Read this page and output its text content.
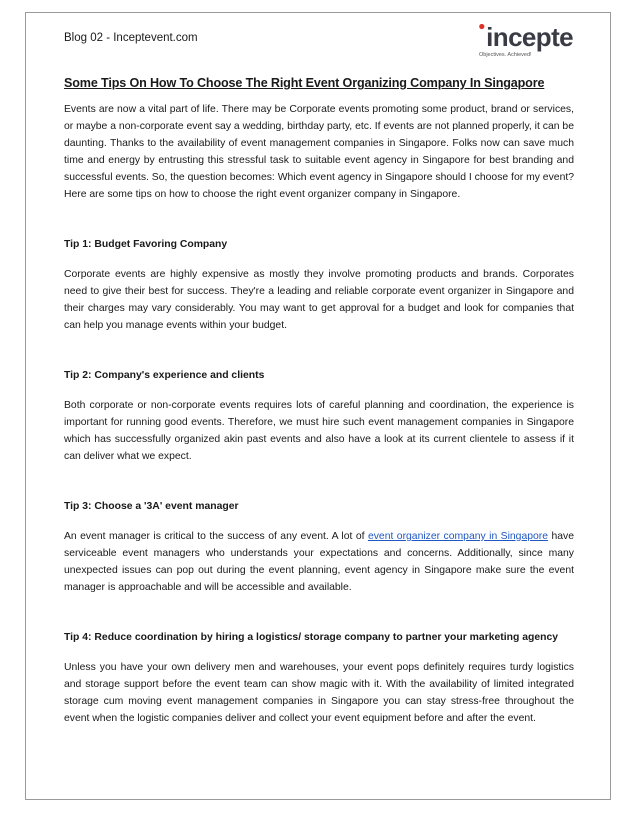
Blog 02 - Inceptevent.com	incepte
Objectives. Achieved!
Some Tips On How To Choose The Right Event Organizing Company In Singapore

Events are now a vital part of life. There may be Corporate events promoting some product, brand or services, or maybe a non-corporate event say a wedding, birthday party, etc. If events are not planned properly, it can be daunting. Thanks to the availability of event management companies in Singapore. Folks now can save much time and energy by entrusting this stressful task to suitable event agency in Singapore for best branding and successful events. So, the question becomes: Which event agency in Singapore should I choose for my event? Here are some tips on how to choose the right event organizer company in Singapore.

Tip 1: Budget Favoring Company

Corporate events are highly expensive as mostly they involve promoting products and brands. Corporates need to give their best for success. They're a leading and reliable corporate event organizer in Singapore and their charges may vary considerably. You may want to get approval for a budget and look for companies that can help you manage events within your budget.

Tip 2: Company's experience and clients

Both corporate or non-corporate events requires lots of careful planning and coordination, the experience is important for running good events. Therefore, we must hire such event management companies in Singapore which has successfully organized akin past events and also have a look at its current clientele to assess if it can deliver what we expect.

Tip 3: Choose a '3A' event manager

An event manager is critical to the success of any event. A lot of event organizer company in Singapore have serviceable event managers who understands your expectations and concerns. Additionally, since many unexpected issues can pop out during the event planning, event agency in Singapore make sure the event manager is approachable and will be accessible and available.

Tip 4: Reduce coordination by hiring a logistics/ storage company to partner your marketing agency

Unless you have your own delivery men and warehouses, your event pops definitely requires turdy logistics and storage support before the event team can show magic with it. With the availability of limited integrated storage cum moving event management companies in Singapore you can stay stress-free throughout the event when the logistic companies deliver and collect your event equipment before and after the event.
